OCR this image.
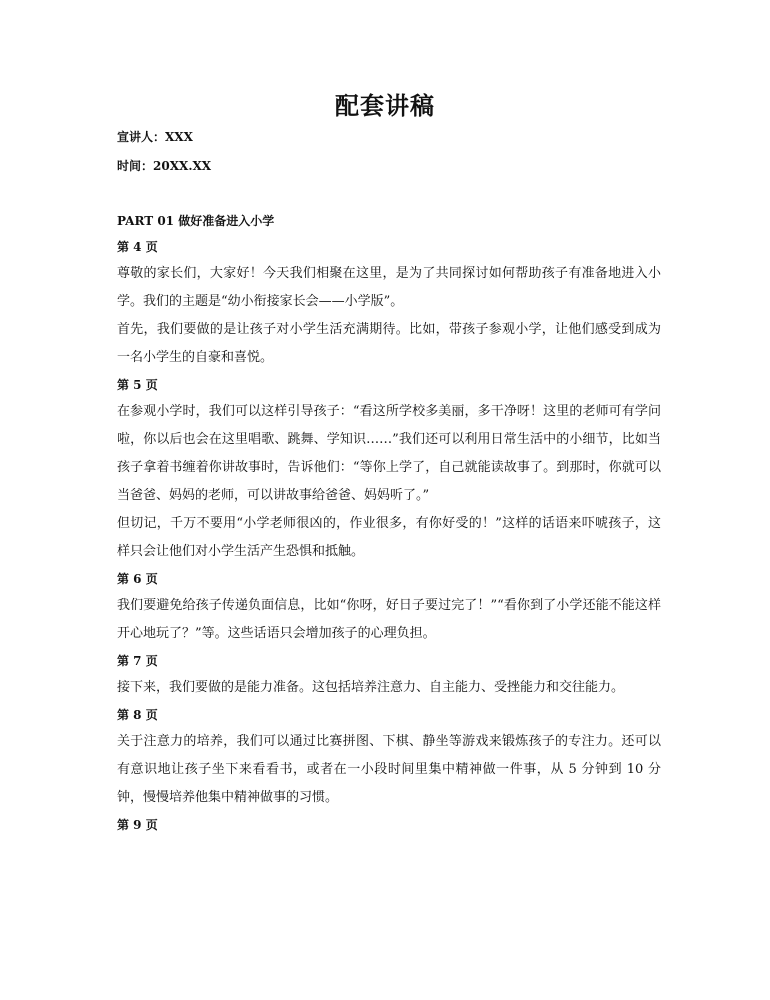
配套讲稿
宣讲人：XXX
时间：20XX.XX

PART 01 做好准备进入小学

第 4 页

尊敬的家长们，大家好！今天我们相聚在这里，是为了共同探讨如何帮助孩子有准备地进入小学。我们的主题是“幼小衔接家长会——小学版”。

首先，我们要做的是让孩子对小学生活充满期待。比如，带孩子参观小学，让他们感受到成为一名小学生的自豪和喜悦。

第 5 页

在参观小学时，我们可以这样引导孩子：“看这所学校多美丽，多干净呀！这里的老师可有学问啦，你以后也会在这里唱歌、跳舞、学知识……”我们还可以利用日常生活中的小细节，比如当孩子拿着书缠着你讲故事时，告诉他们：“等你上学了，自己就能读故事了。到那时，你就可以当爸爸、妈妈的老师，可以讲故事给爸爸、妈妈听了。”

但切记，千万不要用“小学老师很凶的，作业很多，有你好受的！”这样的话语来吓唬孩子，这样只会让他们对小学生活产生恐惧和抵触。

第 6 页

我们要避免给孩子传递负面信息，比如“你呀，好日子要过完了！”“看你到了小学还能不能这样开心地玩了？”等。这些话语只会增加孩子的心理负担。

第 7 页

接下来，我们要做的是能力准备。这包括培养注意力、自主能力、受挫能力和交往能力。

第 8 页

关于注意力的培养，我们可以通过比赛拼图、下棋、静坐等游戏来锻炼孩子的专注力。还可以有意识地让孩子坐下来看看书，或者在一小段时间里集中精神做一件事，从 5 分钟到 10 分钟，慢慢培养他集中精神做事的习惯。

第 9 页
